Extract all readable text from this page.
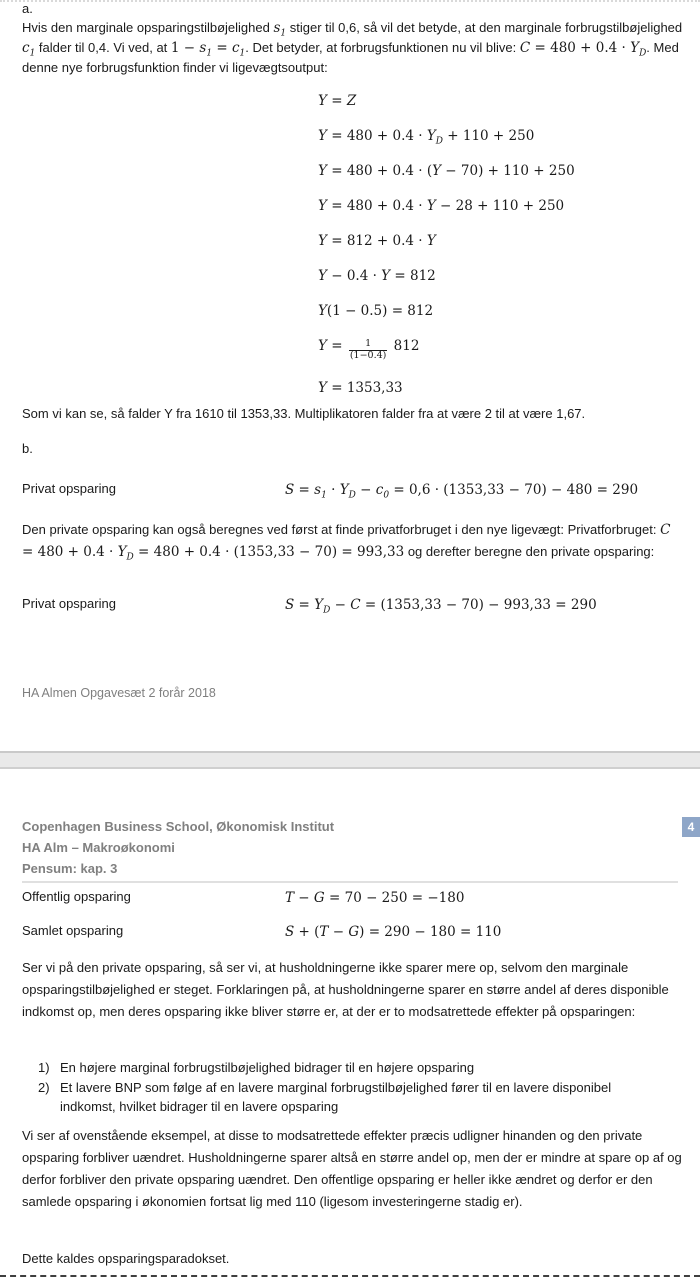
a.
Hvis den marginale opsparingstilbøjelighed $s_1$ stiger til 0,6, så vil det betyde, at den marginale forbrugstilbøjelighed $c_1$ falder til 0,4. Vi ved, at $1 - s_1 = c_1$. Det betyder, at forbrugsfunktionen nu vil blive: $C = 480 + 0.4 \cdot Y_D$. Med denne nye forbrugsfunktion finder vi ligevægtsoutput:
Y = Z
$Y = 480 + 0.4 \cdot Y_D + 110 + 250$
Y = 480 + 0.4 · (Y − 70) + 110 + 250
Y = 480 + 0.4 · Y − 28 + 110 + 250
Y = 812 + 0.4 · Y
Y − 0.4 · Y = 812
Y(1 − 0.5) = 812
$Y = \frac{1}{(1-0.4)} 812$
Y = 1353,33
Som vi kan se, så falder Y fra 1610 til 1353,33. Multiplikatoren falder fra at være 2 til at være 1,67.
b.
Privat opsparing	$S = s_1 \cdot Y_D - c_0 = 0,6 \cdot (1353,33 - 70) - 480 = 290$
Den private opsparing kan også beregnes ved først at finde privatforbruget i den nye ligevægt: Privatforbruget: $C = 480 + 0.4 \cdot Y_D = 480 + 0.4 \cdot (1353,33 - 70) = 993,33$ og derefter beregne den private opsparing:
Privat opsparing	$S = Y_D - C = (1353,33 - 70) - 993,33 = 290$
HA Almen Opgavesæt 2 forår 2018
4
Copenhagen Business School, Økonomisk Institut
HA Alm – Makroøkonomi
Pensum: kap. 3
Offentlig opsparing	T − G = 70 − 250 = −180
Samlet opsparing	S + (T − G) = 290 − 180 = 110
Ser vi på den private opsparing, så ser vi, at husholdningerne ikke sparer mere op, selvom den marginale opsparingstilbøjelighed er steget. Forklaringen på, at husholdningerne sparer en større andel af deres disponible indkomst op, men deres opsparing ikke bliver større er, at der er to modsatrettede effekter på opsparingen:
1) En højere marginal forbrugstilbøjelighed bidrager til en højere opsparing
2) Et lavere BNP som følge af en lavere marginal forbrugstilbøjelighed fører til en lavere disponibel indkomst, hvilket bidrager til en lavere opsparing
Vi ser af ovenstående eksempel, at disse to modsatrettede effekter præcis udligner hinanden og den private opsparing forbliver uændret. Husholdningerne sparer altså en større andel op, men der er mindre at spare op af og derfor forbliver den private opsparing uændret. Den offentlige opsparing er heller ikke ændret og derfor er den samlede opsparing i økonomien fortsat lig med 110 (ligesom investeringerne stadig er).
Dette kaldes opsparingsparadokset.
